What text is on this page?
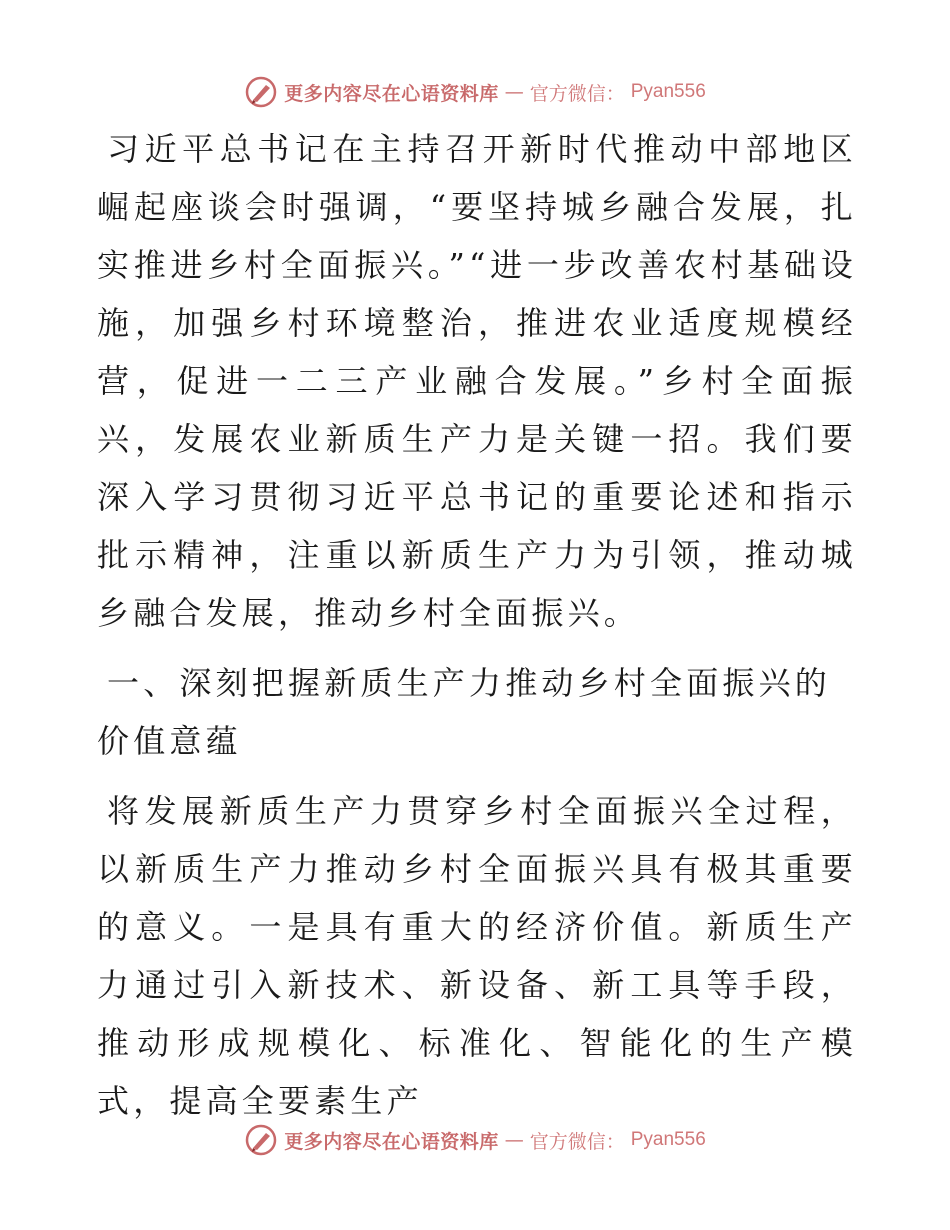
更多内容尽在心语资料库 — 官方微信： Pyan556

习近平总书记在主持召开新时代推动中部地区崛起座谈会时强调，“要坚持城乡融合发展，扎实推进乡村全面振兴。”“进一步改善农村基础设施，加强乡村环境整治，推进农业适度规模经营，促进一二三产业融合发展。”乡村全面振兴，发展农业新质生产力是关键一招。我们要深入学习贯彻习近平总书记的重要论述和指示批示精神，注重以新质生产力为引领，推动城乡融合发展，推动乡村全面振兴。

一、深刻把握新质生产力推动乡村全面振兴的价值意蕴

将发展新质生产力贯穿乡村全面振兴全过程，以新质生产力推动乡村全面振兴具有极其重要的意义。一是具有重大的经济价值。新质生产力通过引入新技术、新设备、新工具等手段，推动形成规模化、标准化、智能化的生产模式，提高全要素生产

更多内容尽在心语资料库 — 官方微信： Pyan556
